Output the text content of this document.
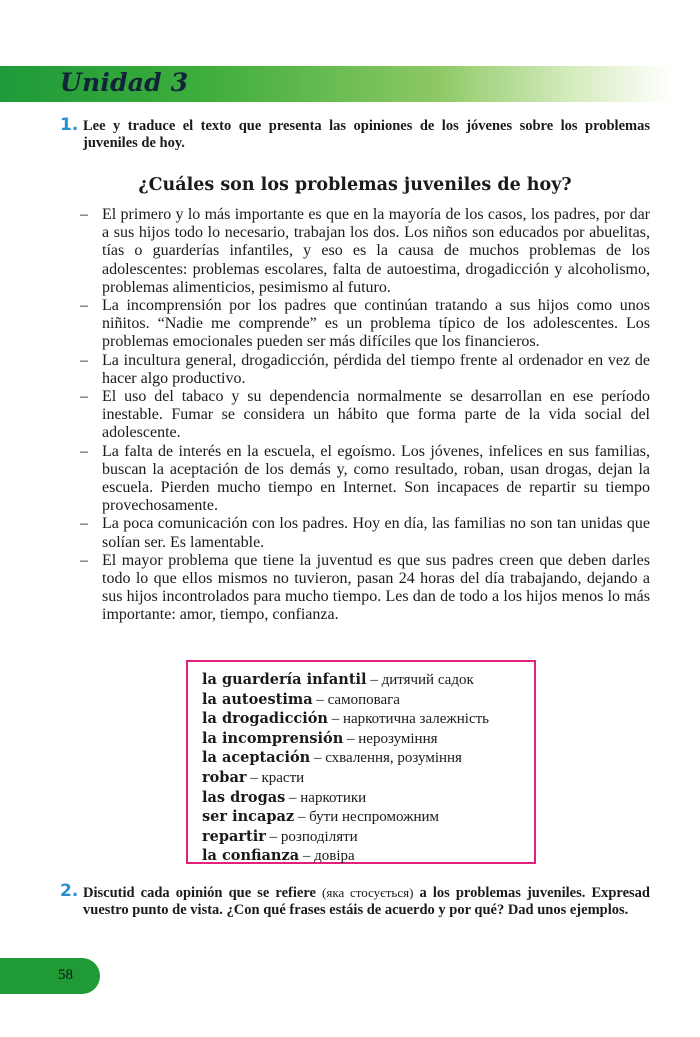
Unidad 3
1. Lee y traduce el texto que presenta las opiniones de los jóvenes sobre los problemas juveniles de hoy.
¿Cuáles son los problemas juveniles de hoy?
– El primero y lo más importante es que en la mayoría de los casos, los padres, por dar a sus hijos todo lo necesario, trabajan los dos. Los niños son educados por abuelitas, tías o guarderías infantiles, y eso es la causa de muchos problemas de los adolescentes: problemas escolares, falta de autoestima, drogadicción y alcoholismo, problemas alimenticios, pesimismo al futuro.
– La incomprensión por los padres que continúan tratando a sus hijos como unos niñitos. “Nadie me comprende” es un problema típico de los adolescentes. Los problemas emocionales pueden ser más difíciles que los financieros.
– La incultura general, drogadicción, pérdida del tiempo frente al ordenador en vez de hacer algo productivo.
– El uso del tabaco y su dependencia normalmente se desarrollan en ese período inestable. Fumar se considera un hábito que forma parte de la vida social del adolescente.
– La falta de interés en la escuela, el egoísmo. Los jóvenes, infelices en sus familias, buscan la aceptación de los demás y, como resultado, roban, usan drogas, dejan la escuela. Pierden mucho tiempo en Internet. Son incapaces de repartir su tiempo provechosamente.
– La poca comunicación con los padres. Hoy en día, las familias no son tan unidas que solían ser. Es lamentable.
– El mayor problema que tiene la juventud es que sus padres creen que deben darles todo lo que ellos mismos no tuvieron, pasan 24 horas del día trabajando, dejando a sus hijos incontrolados para mucho tiempo. Les dan de todo a los hijos menos lo más importante: amor, tiempo, confianza.
la guardería infantil – дитячий садок
la autoestima – самоповага
la drogadicción – наркотична залежність
la incomprensión – нерозуміння
la aceptación – схвалення, розуміння
robar – красти
las drogas – наркотики
ser incapaz – бути неспроможним
repartir – розподіляти
la confianza – довіра
2. Discutid cada opinión que se refiere (яка стосується) a los problemas juveniles. Expresad vuestro punto de vista. ¿Con qué frases estáis de acuerdo y por qué? Dad unos ejemplos.
58
